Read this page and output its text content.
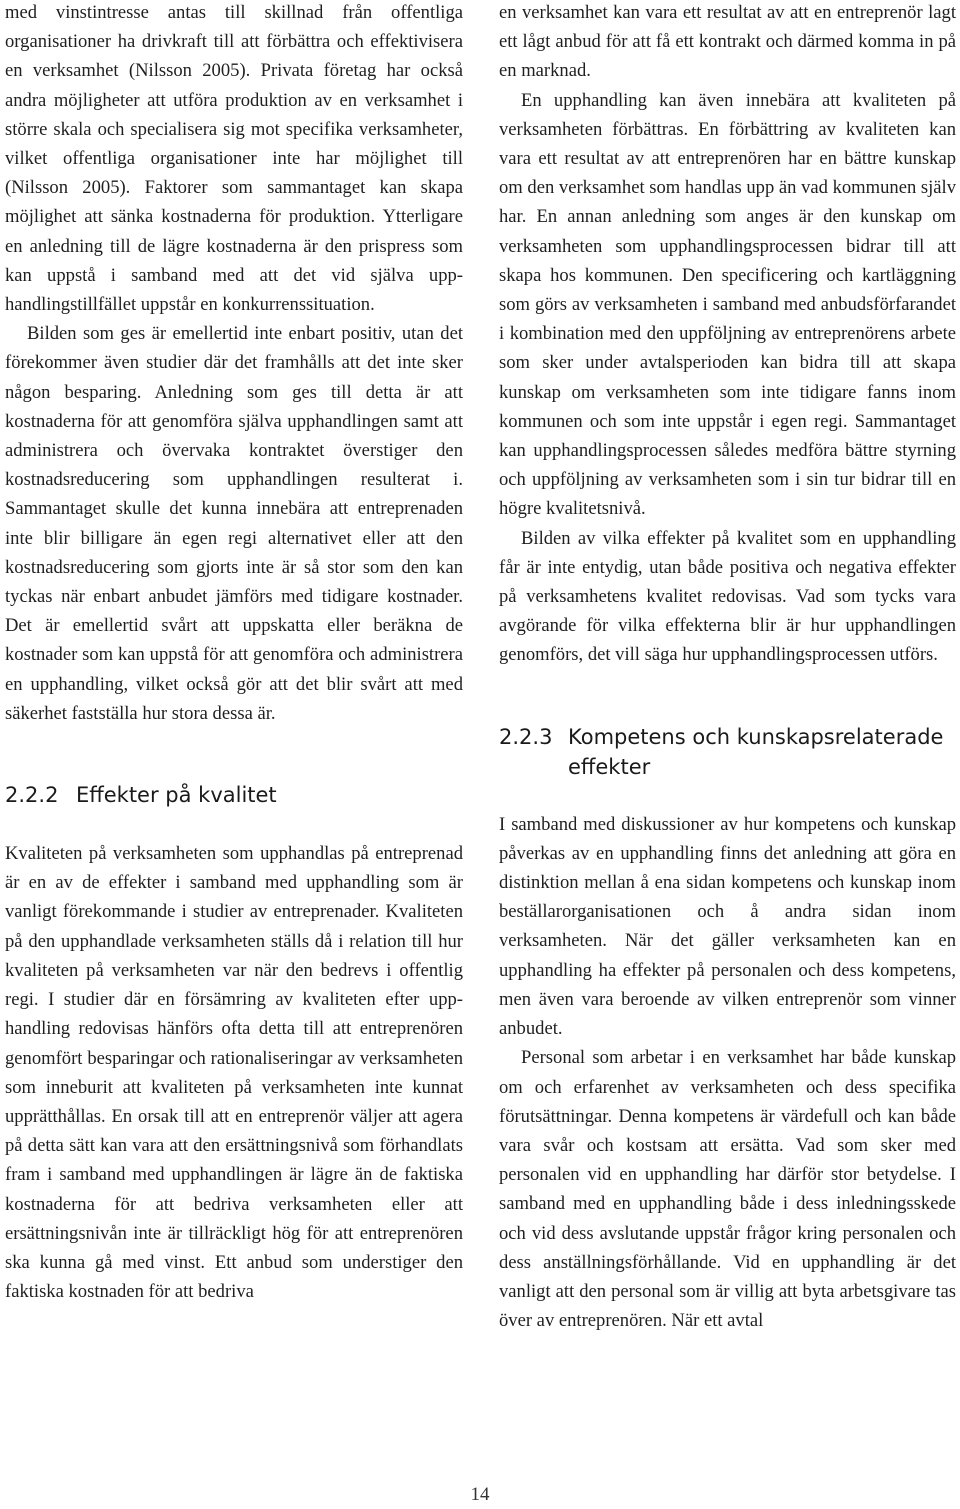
med vinstintresse antas till skillnad från offentliga organisationer ha drivkraft till att förbättra och effektivisera en verksamhet (Nilsson 2005). Privata företag har också andra möjligheter att utföra produktion av en verksamhet i större skala och specialisera sig mot specifika verksamheter, vilket offentliga organisationer inte har möjlighet till (Nilsson 2005). Faktorer som sammantaget kan skapa möjlighet att sänka kostnaderna för produktion. Ytterligare en anledning till de lägre kostnaderna är den prispress som kan uppstå i samband med att det vid själva upphandlingstillfället uppstår en konkurrenssituation.

Bilden som ges är emellertid inte enbart positiv, utan det förekommer även studier där det framhålls att det inte sker någon besparing. Anledning som ges till detta är att kostnaderna för att genomföra själva upphandlingen samt att administrera och övervaka kontraktet överstiger den kostnadsreducering som upphandlingen resulterat i. Sammantaget skulle det kunna innebära att entreprenaden inte blir billigare än egen regi alternativet eller att den kostnadsreducering som gjorts inte är så stor som den kan tyckas när enbart anbudet jämförs med tidigare kostnader. Det är emellertid svårt att uppskatta eller beräkna de kostnader som kan uppstå för att genomföra och administrera en upphandling, vilket också gör att det blir svårt att med säkerhet fastställa hur stora dessa är.

2.2.2 Effekter på kvalitet

Kvaliteten på verksamheten som upphandlas på entreprenad är en av de effekter i samband med upphandling som är vanligt förekommande i studier av entreprenader. Kvaliteten på den upphandlade verksamheten ställs då i relation till hur kvaliteten på verksamheten var när den bedrevs i offentlig regi. I studier där en försämring av kvaliteten efter upphandling redovisas hänförs ofta detta till att entreprenören genomfört besparingar och rationaliseringar av verksamheten som inneburit att kvaliteten på verksamheten inte kunnat upprätthållas. En orsak till att en entreprenör väljer att agera på detta sätt kan vara att den ersättningsnivå som förhandlats fram i samband med upphandlingen är lägre än de faktiska kostnaderna för att bedriva verksamheten eller att ersättningsnivån inte är tillräckligt hög för att entreprenören ska kunna gå med vinst. Ett anbud som understiger den faktiska kostnaden för att bedriva

en verksamhet kan vara ett resultat av att en entreprenör lagt ett lågt anbud för att få ett kontrakt och därmed komma in på en marknad.

En upphandling kan även innebära att kvaliteten på verksamheten förbättras. En förbättring av kvaliteten kan vara ett resultat av att entreprenören har en bättre kunskap om den verksamhet som handlas upp än vad kommunen själv har. En annan anledning som anges är den kunskap om verksamheten som upphandlingsprocessen bidrar till att skapa hos kommunen. Den specificering och kartläggning som görs av verksamheten i samband med anbudsförfarandet i kombination med den uppföljning av entreprenörens arbete som sker under avtalsperioden kan bidra till att skapa kunskap om verksamheten som inte tidigare fanns inom kommunen och som inte uppstår i egen regi. Sammantaget kan upphandlingsprocessen således medföra bättre styrning och uppföljning av verksamheten som i sin tur bidrar till en högre kvalitetsnivå.

Bilden av vilka effekter på kvalitet som en upphandling får är inte entydig, utan både positiva och negativa effekter på verksamhetens kvalitet redovisas. Vad som tycks vara avgörande för vilka effekterna blir är hur upphandlingen genomförs, det vill säga hur upphandlingsprocessen utförs.

2.2.3 Kompetens och kunskapsrelaterade effekter

I samband med diskussioner av hur kompetens och kunskap påverkas av en upphandling finns det anledning att göra en distinktion mellan å ena sidan kompetens och kunskap inom beställarorganisationen och å andra sidan inom verksamheten. När det gäller verksamheten kan en upphandling ha effekter på personalen och dess kompetens, men även vara beroende av vilken entreprenör som vinner anbudet.

Personal som arbetar i en verksamhet har både kunskap om och erfarenhet av verksamheten och dess specifika förutsättningar. Denna kompetens är värdefull och kan både vara svår och kostsam att ersätta. Vad som sker med personalen vid en upphandling har därför stor betydelse. I samband med en upphandling både i dess inledningsskede och vid dess avslutande uppstår frågor kring personalen och dess anställningsförhållande. Vid en upphandling är det vanligt att den personal som är villig att byta arbetsgivare tas över av entreprenören. När ett avtal

14
